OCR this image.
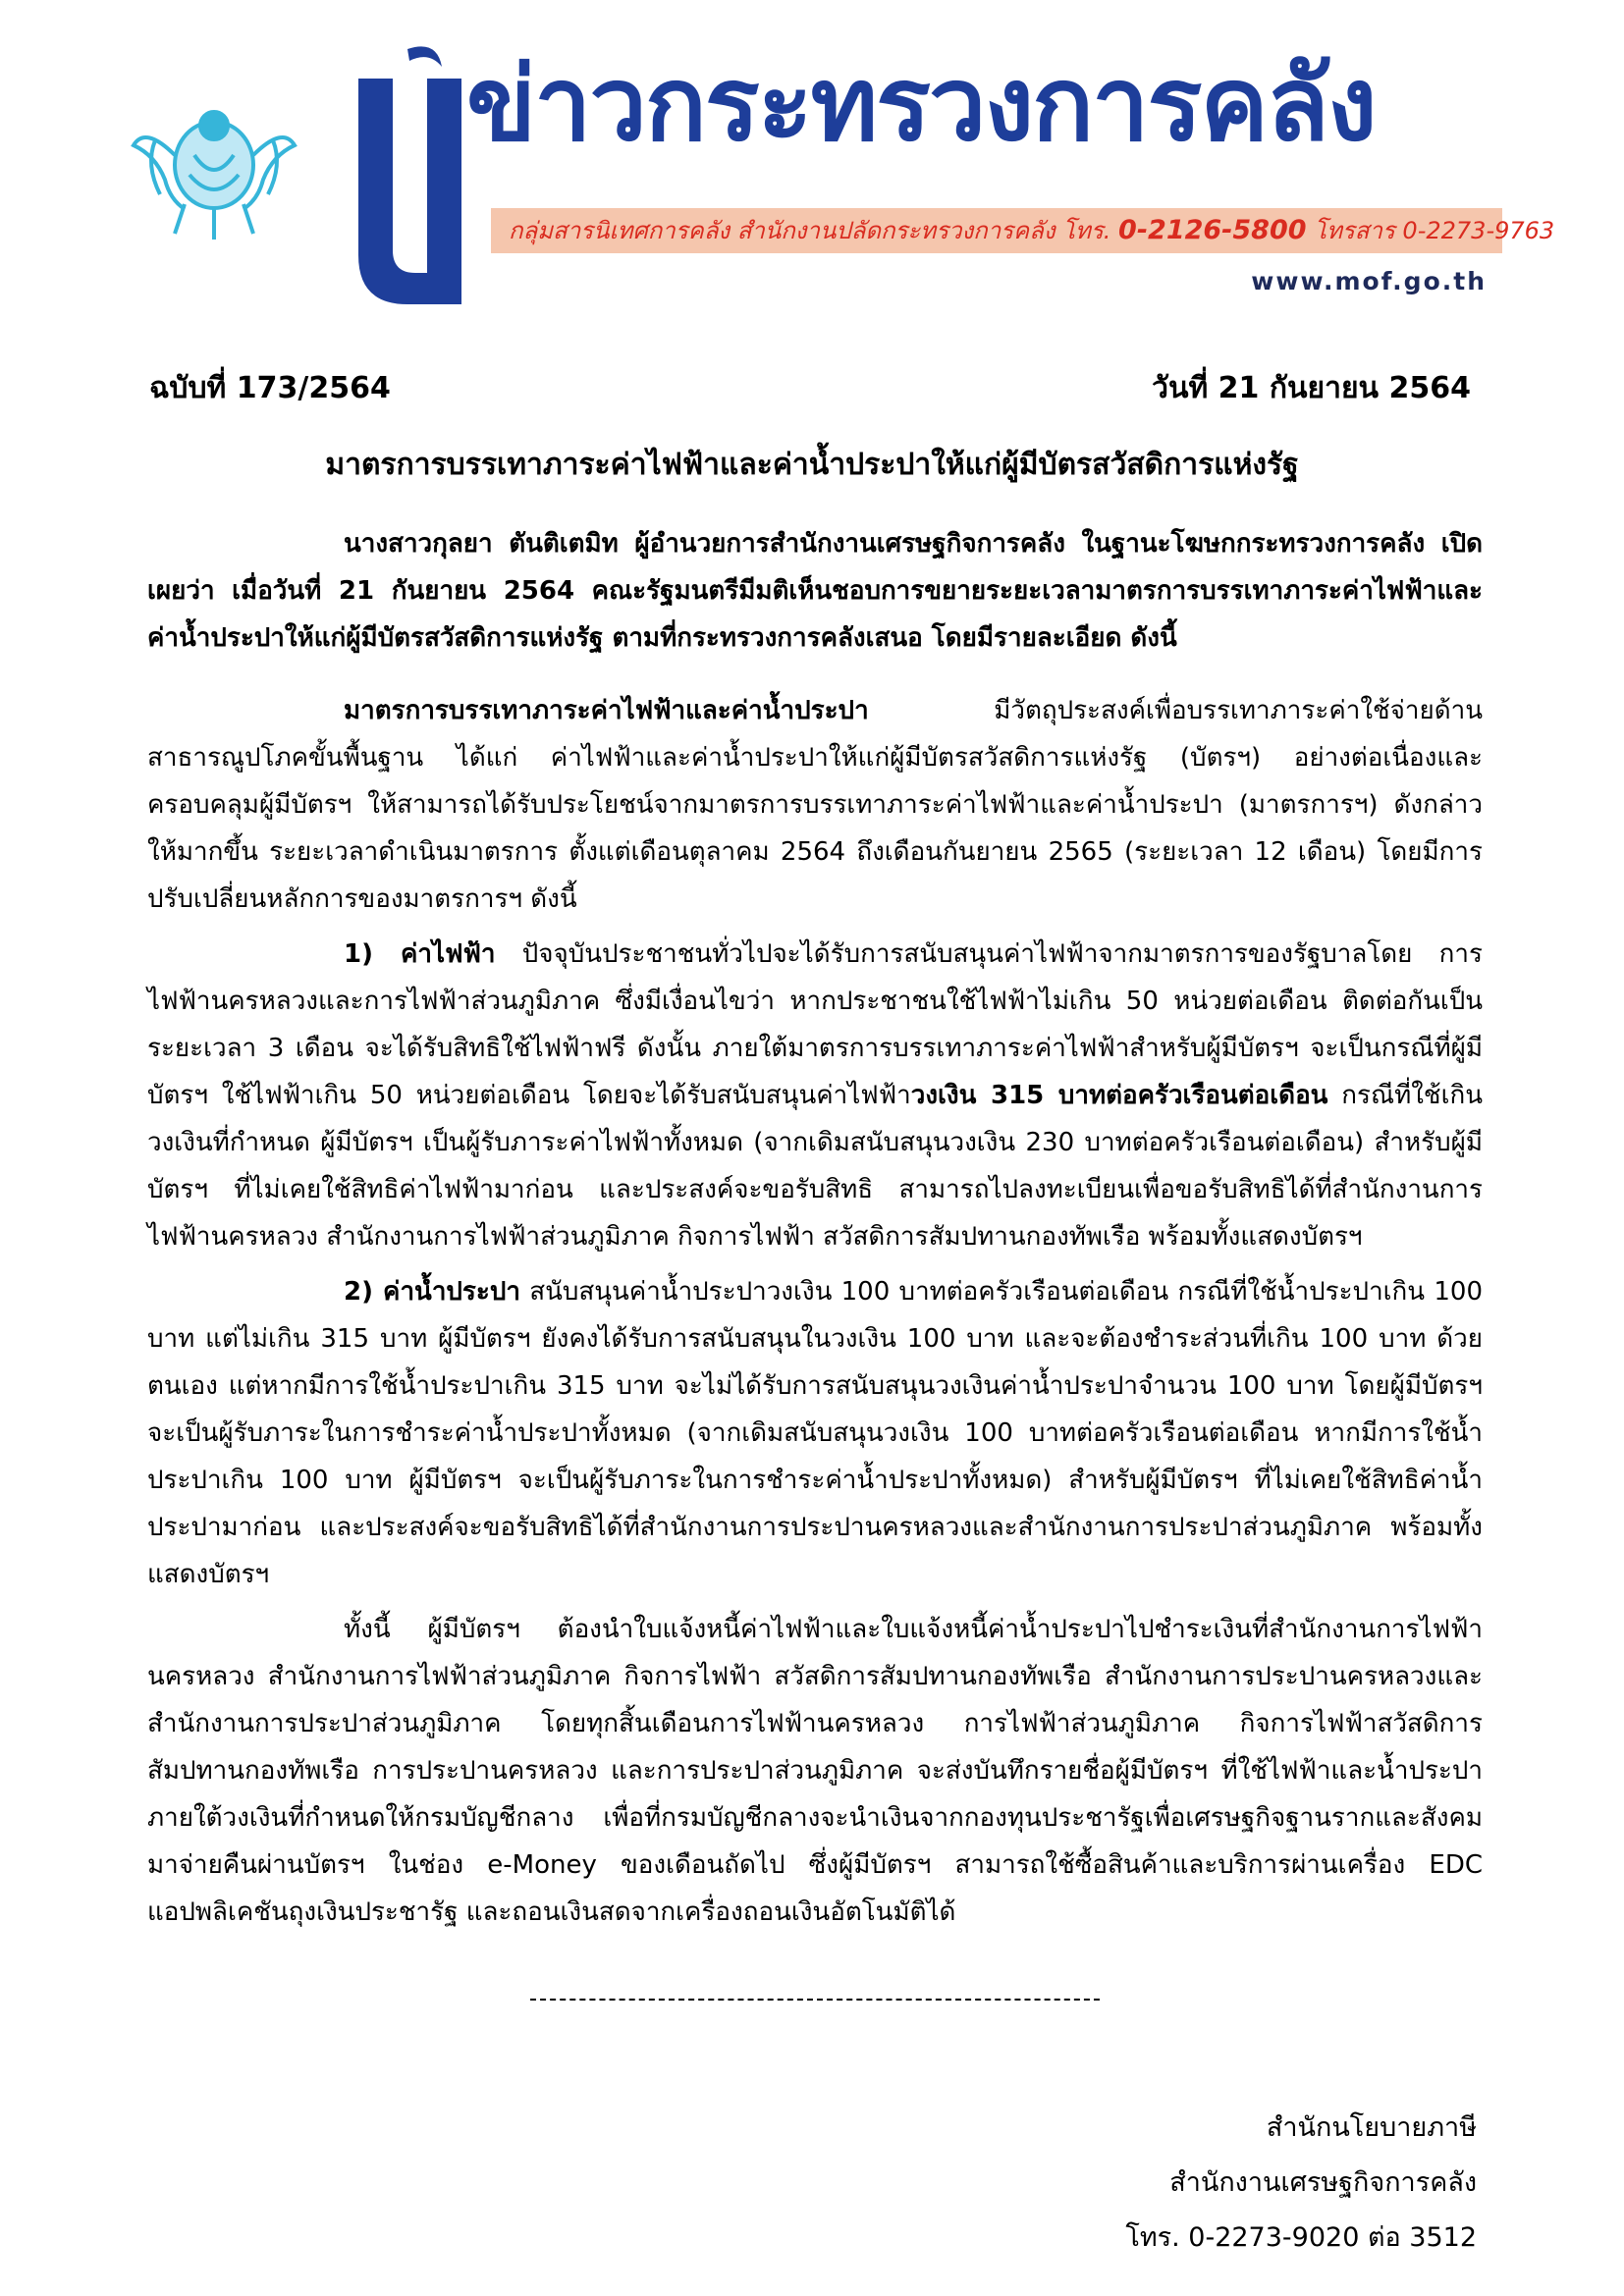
ข่าวกระทรวงการคลัง
กลุ่มสารนิเทศการคลัง สำนักงานปลัดกระทรวงการคลัง โทร. 0-2126-5800 โทรสาร 0-2273-9763
www.mof.go.th
ฉบับที่ 173/2564	วันที่ 21 กันยายน 2564
มาตรการบรรเทาภาระค่าไฟฟ้าและค่าน้ำประปาให้แก่ผู้มีบัตรสวัสดิการแห่งรัฐ

นางสาวกุลยา ตันติเตมิท ผู้อำนวยการสำนักงานเศรษฐกิจการคลัง ในฐานะโฆษกกระทรวงการคลัง เปิดเผยว่า เมื่อวันที่ 21 กันยายน 2564 คณะรัฐมนตรีมีมติเห็นชอบการขยายระยะเวลามาตรการบรรเทาภาระค่าไฟฟ้าและค่าน้ำประปาให้แก่ผู้มีบัตรสวัสดิการแห่งรัฐ ตามที่กระทรวงการคลังเสนอ โดยมีรายละเอียด ดังนี้

มาตรการบรรเทาภาระค่าไฟฟ้าและค่าน้ำประปา มีวัตถุประสงค์เพื่อบรรเทาภาระค่าใช้จ่ายด้านสาธารณูปโภคขั้นพื้นฐาน ได้แก่ ค่าไฟฟ้าและค่าน้ำประปาให้แก่ผู้มีบัตรสวัสดิการแห่งรัฐ (บัตรฯ) อย่างต่อเนื่องและครอบคลุมผู้มีบัตรฯ ให้สามารถได้รับประโยชน์จากมาตรการบรรเทาภาระค่าไฟฟ้าและค่าน้ำประปา (มาตรการฯ) ดังกล่าวให้มากขึ้น ระยะเวลาดำเนินมาตรการ ตั้งแต่เดือนตุลาคม 2564 ถึงเดือนกันยายน 2565 (ระยะเวลา 12 เดือน) โดยมีการปรับเปลี่ยนหลักการของมาตรการฯ ดังนี้

1) ค่าไฟฟ้า ปัจจุบันประชาชนทั่วไปจะได้รับการสนับสนุนค่าไฟฟ้าจากมาตรการของรัฐบาลโดย การไฟฟ้านครหลวงและการไฟฟ้าส่วนภูมิภาค ซึ่งมีเงื่อนไขว่า หากประชาชนใช้ไฟฟ้าไม่เกิน 50 หน่วยต่อเดือน ติดต่อกันเป็นระยะเวลา 3 เดือน จะได้รับสิทธิใช้ไฟฟ้าฟรี ดังนั้น ภายใต้มาตรการบรรเทาภาระค่าไฟฟ้าสำหรับผู้มีบัตรฯ จะเป็นกรณีที่ผู้มีบัตรฯ ใช้ไฟฟ้าเกิน 50 หน่วยต่อเดือน โดยจะได้รับสนับสนุนค่าไฟฟ้าวงเงิน 315 บาทต่อครัวเรือนต่อเดือน กรณีที่ใช้เกินวงเงินที่กำหนด ผู้มีบัตรฯ เป็นผู้รับภาระค่าไฟฟ้าทั้งหมด (จากเดิมสนับสนุนวงเงิน 230 บาทต่อครัวเรือนต่อเดือน) สำหรับผู้มีบัตรฯ ที่ไม่เคยใช้สิทธิค่าไฟฟ้ามาก่อน และประสงค์จะขอรับสิทธิ สามารถไปลงทะเบียนเพื่อขอรับสิทธิได้ที่สำนักงานการไฟฟ้านครหลวง สำนักงานการไฟฟ้าส่วนภูมิภาค กิจการไฟฟ้า สวัสดิการสัมปทานกองทัพเรือ พร้อมทั้งแสดงบัตรฯ

2) ค่าน้ำประปา สนับสนุนค่าน้ำประปาวงเงิน 100 บาทต่อครัวเรือนต่อเดือน กรณีที่ใช้น้ำประปาเกิน 100 บาท แต่ไม่เกิน 315 บาท ผู้มีบัตรฯ ยังคงได้รับการสนับสนุนในวงเงิน 100 บาท และจะต้องชำระส่วนที่เกิน 100 บาท ด้วยตนเอง แต่หากมีการใช้น้ำประปาเกิน 315 บาท จะไม่ได้รับการสนับสนุนวงเงินค่าน้ำประปาจำนวน 100 บาท โดยผู้มีบัตรฯ จะเป็นผู้รับภาระในการชำระค่าน้ำประปาทั้งหมด (จากเดิมสนับสนุนวงเงิน 100 บาทต่อครัวเรือนต่อเดือน หากมีการใช้น้ำประปาเกิน 100 บาท ผู้มีบัตรฯ จะเป็นผู้รับภาระในการชำระค่าน้ำประปาทั้งหมด) สำหรับผู้มีบัตรฯ ที่ไม่เคยใช้สิทธิค่าน้ำประปามาก่อน และประสงค์จะขอรับสิทธิได้ที่สำนักงานการประปานครหลวงและสำนักงานการประปาส่วนภูมิภาค พร้อมทั้งแสดงบัตรฯ

ทั้งนี้ ผู้มีบัตรฯ ต้องนำใบแจ้งหนี้ค่าไฟฟ้าและใบแจ้งหนี้ค่าน้ำประปาไปชำระเงินที่สำนักงานการไฟฟ้านครหลวง สำนักงานการไฟฟ้าส่วนภูมิภาค กิจการไฟฟ้า สวัสดิการสัมปทานกองทัพเรือ สำนักงานการประปานครหลวงและสำนักงานการประปาส่วนภูมิภาค โดยทุกสิ้นเดือนการไฟฟ้านครหลวง การไฟฟ้าส่วนภูมิภาค กิจการไฟฟ้าสวัสดิการสัมปทานกองทัพเรือ การประปานครหลวง และการประปาส่วนภูมิภาค จะส่งบันทึกรายชื่อผู้มีบัตรฯ ที่ใช้ไฟฟ้าและน้ำประปาภายใต้วงเงินที่กำหนดให้กรมบัญชีกลาง เพื่อที่กรมบัญชีกลางจะนำเงินจากกองทุนประชารัฐเพื่อเศรษฐกิจฐานรากและสังคมมาจ่ายคืนผ่านบัตรฯ ในช่อง e-Money ของเดือนถัดไป ซึ่งผู้มีบัตรฯ สามารถใช้ซื้อสินค้าและบริการผ่านเครื่อง EDC แอปพลิเคชันถุงเงินประชารัฐ และถอนเงินสดจากเครื่องถอนเงินอัตโนมัติได้

สำนักนโยบายภาษี
สำนักงานเศรษฐกิจการคลัง
โทร. 0-2273-9020 ต่อ 3512
